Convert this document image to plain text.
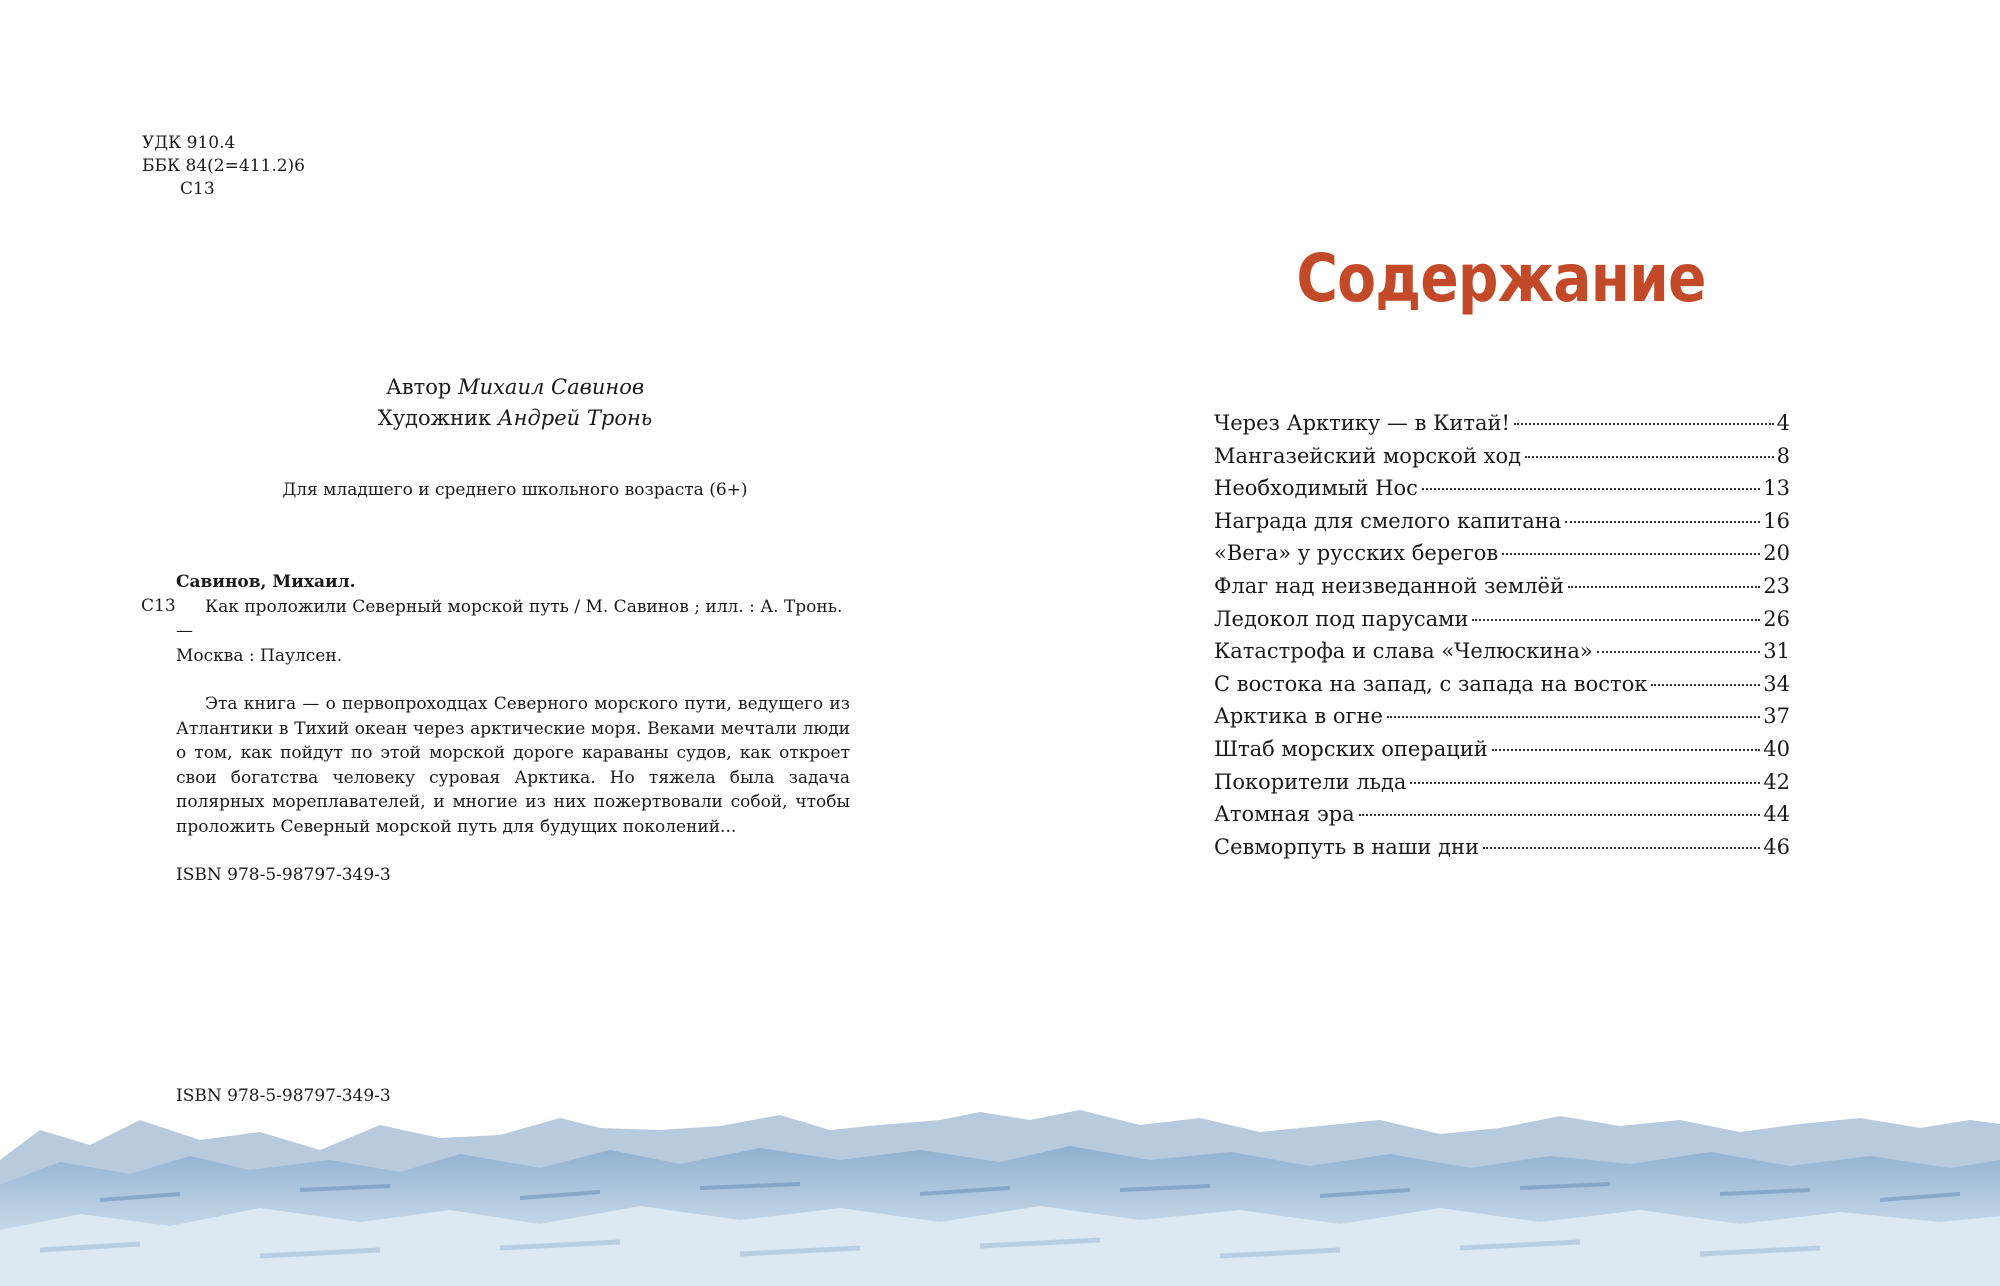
УДК 910.4
ББК 84(2=411.2)6
С13
Автор Михаил Савинов
Художник Андрей Тронь
Для младшего и среднего школьного возраста (6+)
Савинов, Михаил.
С13	Как проложили Северный морской путь / М. Савинов ; илл. : А. Тронь. —
Москва : Паулсен.
Эта книга — о первопроходцах Северного морского пути, ведущего из Атлантики в Тихий океан через арктические моря. Веками мечтали люди о том, как пойдут по этой морской дороге караваны судов, как откроет свои богатства человеку суровая Арктика. Но тяжела была задача полярных мореплавателей, и многие из них пожертвовали собой, чтобы проложить Северный морской путь для будущих поколений...
ISBN 978-5-98797-349-3
ISBN 978-5-98797-349-3
Содержание
Через Арктику — в Китай!	4
Мангазейский морской ход	8
Необходимый Нос	13
Награда для смелого капитана	16
«Вега» у русских берегов	20
Флаг над неизведанной землёй	23
Ледокол под парусами	26
Катастрофа и слава «Челюскина»	31
С востока на запад, с запада на восток	34
Арктика в огне	37
Штаб морских операций	40
Покорители льда	42
Атомная эра	44
Севморпуть в наши дни	46
